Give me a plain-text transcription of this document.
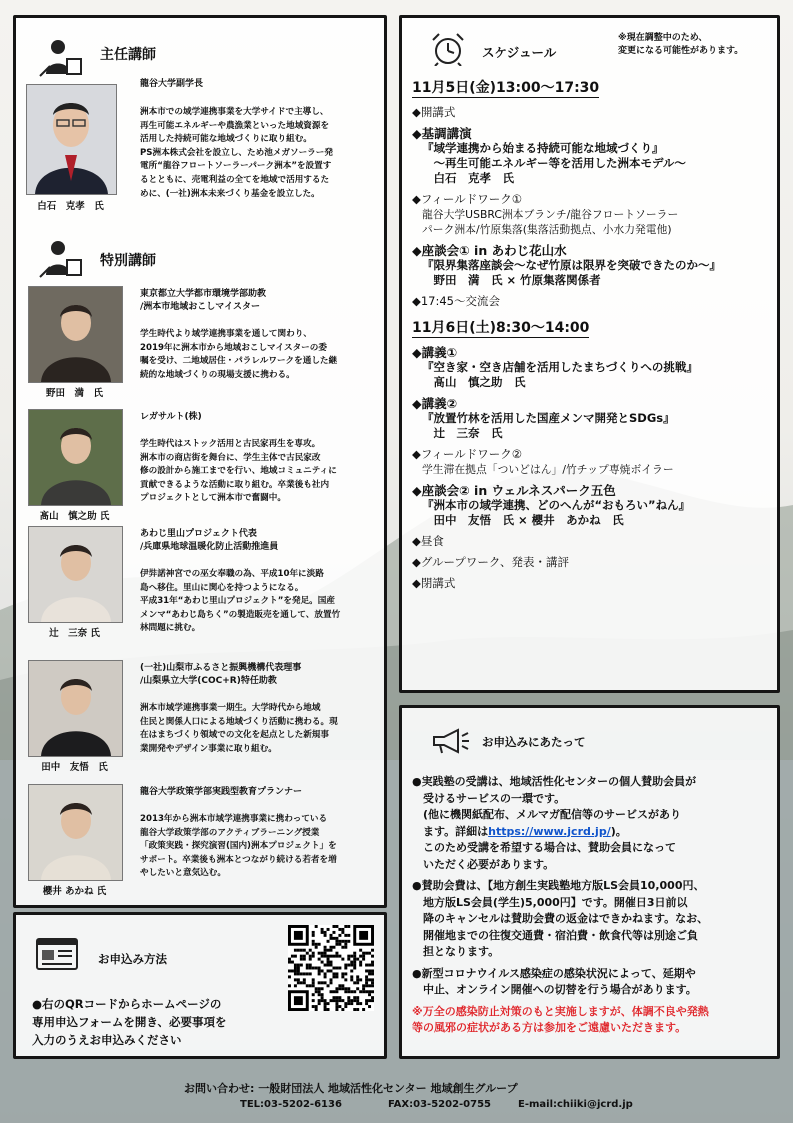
主任講師
白石　克孝　氏
龍谷大学副学長
洲本市での域学連携事業を大学サイドで主導し、
再生可能エネルギーや農漁業といった地域資源を
活用した持続可能な地域づくりに取り組む。
PS洲本株式会社を設立し、ため池メガソーラー発
電所“龍谷フロートソーラーパーク洲本”を設置す
るとともに、売電利益の全てを地域で活用するた
めに、(一社)洲本未来づくり基金を設立した。
特別講師
野田　満　氏
東京都立大学都市環境学部助教
/洲本市地域おこしマイスター
学生時代より域学連携事業を通して関わり、
2019年に洲本市から地域おこしマイスターの委
嘱を受け、二地域居住・パラレルワークを通した継
続的な地域づくりの現場支援に携わる。
髙山　慎之助 氏
レガサルト(株)
学生時代はストック活用と古民家再生を専攻。
洲本市の商店街を舞台に、学生主体で古民家改
修の設計から施工までを行い、地域コミュニティに
貢献できるような活動に取り組む。卒業後も社内
プロジェクトとして洲本市で奮闘中。
辻　三奈 氏
あわじ里山プロジェクト代表
/兵庫県地球温暖化防止活動推進員
伊弉諾神宮での巫女奉職の為、平成10年に淡路
島へ移住。里山に関心を持つようになる。
平成31年“あわじ里山プロジェクト”を発足。国産
メンマ“あわじ島ちく”の製造販売を通して、放置竹
林問題に挑む。
田中　友悟　氏
(一社)山梨市ふるさと振興機構代表理事
/山梨県立大学(COC+R)特任助教
洲本市域学連携事業一期生。大学時代から地域
住民と関係人口による地域づくり活動に携わる。現
在はまちづくり領域での文化を起点とした新規事
業開発やデザイン事業に取り組む。
櫻井 あかね 氏
龍谷大学政策学部実践型教育プランナー
2013年から洲本市域学連携事業に携わっている
龍谷大学政策学部のアクティブラーニング授業
「政策実践・探究演習(国内)洲本プロジェクト」を
サポート。卒業後も洲本とつながり続ける若者を増
やしたいと意気込む。
スケジュール
※現在調整中のため、
変更になる可能性があります。
11月5日(金)13:00～17:30
◆開講式
◆基調講演
『域学連携から始まる持続可能な地域づくり』
　～再生可能エネルギー等を活用した洲本モデル～
　白石　克孝　氏
◆フィールドワーク①
龍谷大学USBRC洲本ブランチ/龍谷フロートソーラー
パーク洲本/竹原集落(集落活動拠点、小水力発電他)
◆座談会① in あわじ花山水
『限界集落座談会～なぜ竹原は限界を突破できたのか～』
　野田　満　氏 × 竹原集落関係者
◆17:45～交流会
11月6日(土)8:30～14:00
◆講義①
『空き家・空き店舗を活用したまちづくりへの挑戦』
　髙山　慎之助　氏
◆講義②
『放置竹林を活用した国産メンマ開発とSDGs』
　辻　三奈　氏
◆フィールドワーク②
学生滞在拠点「ついどはん」/竹チップ専焼ボイラー
◆座談会② in ウェルネスパーク五色
『洲本市の域学連携、どのへんが“おもろい”ねん』
　田中　友悟　氏 × 櫻井　あかね　氏
◆昼食
◆グループワーク、発表・講評
◆閉講式
お申込みにあたって
●実践塾の受講は、地域活性化センターの個人賛助会員が
　受けるサービスの一環です。
　(他に機関紙配布、メルマガ配信等のサービスがあり
　ます。詳細はhttps://www.jcrd.jp/)。
　このため受講を希望する場合は、賛助会員になって
　いただく必要があります。
●賛助会費は、【地方創生実践塾地方版LS会員10,000円、
　地方版LS会員(学生)5,000円】です。開催日3日前以
　降のキャンセルは賛助会費の返金はできかねます。なお、
　開催地までの往復交通費・宿泊費・飲食代等は別途ご負
　担となります。
●新型コロナウイルス感染症の感染状況によって、延期や
　中止、オンライン開催への切替を行う場合があります。
※万全の感染防止対策のもと実施しますが、体調不良や発熱
等の風邪の症状がある方は参加をご遠慮いただきます。
お申込み方法
●右のQRコードからホームページの
専用申込フォームを開き、必要事項を
入力のうえお申込みください
お問い合わせ: 一般財団法人 地域活性化センター 地域創生グループ
TEL:03-5202-6136	FAX:03-5202-0755	E-mail:chiiki@jcrd.jp
